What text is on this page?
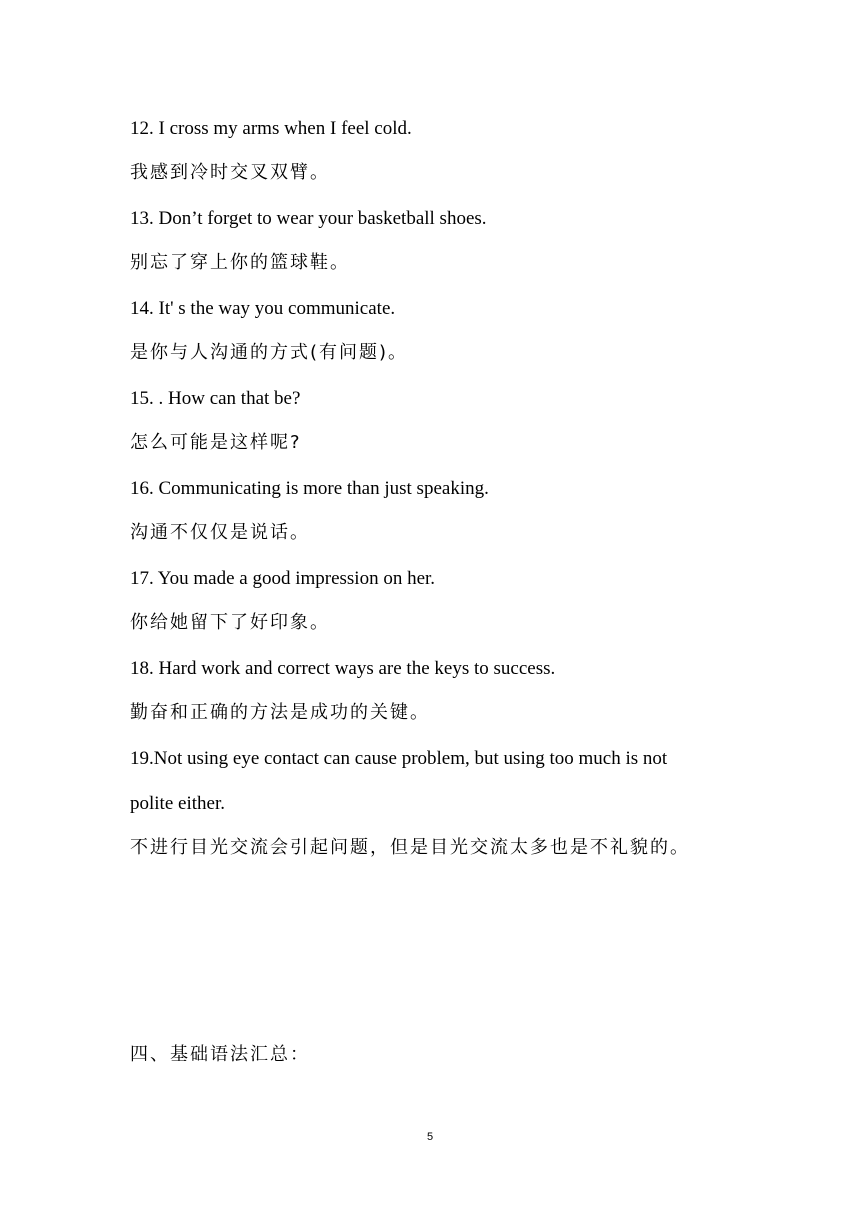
12. I cross my arms when I feel cold.
我感到冷时交叉双臂。
13. Don’t forget to wear your basketball shoes.
别忘了穿上你的篮球鞋。
14. It' s the way you communicate.
是你与人沟通的方式(有问题)。
15. . How can that be?
怎么可能是这样呢?
16. Communicating is more than just speaking.
沟通不仅仅是说话。
17. You made a good impression on her.
你给她留下了好印象。
18. Hard work and correct ways are the keys to success.
勤奋和正确的方法是成功的关键。
19.Not using eye contact can cause problem, but using too much is not
polite either.
不进行目光交流会引起问题，但是目光交流太多也是不礼貌的。
四、基础语法汇总：
5
